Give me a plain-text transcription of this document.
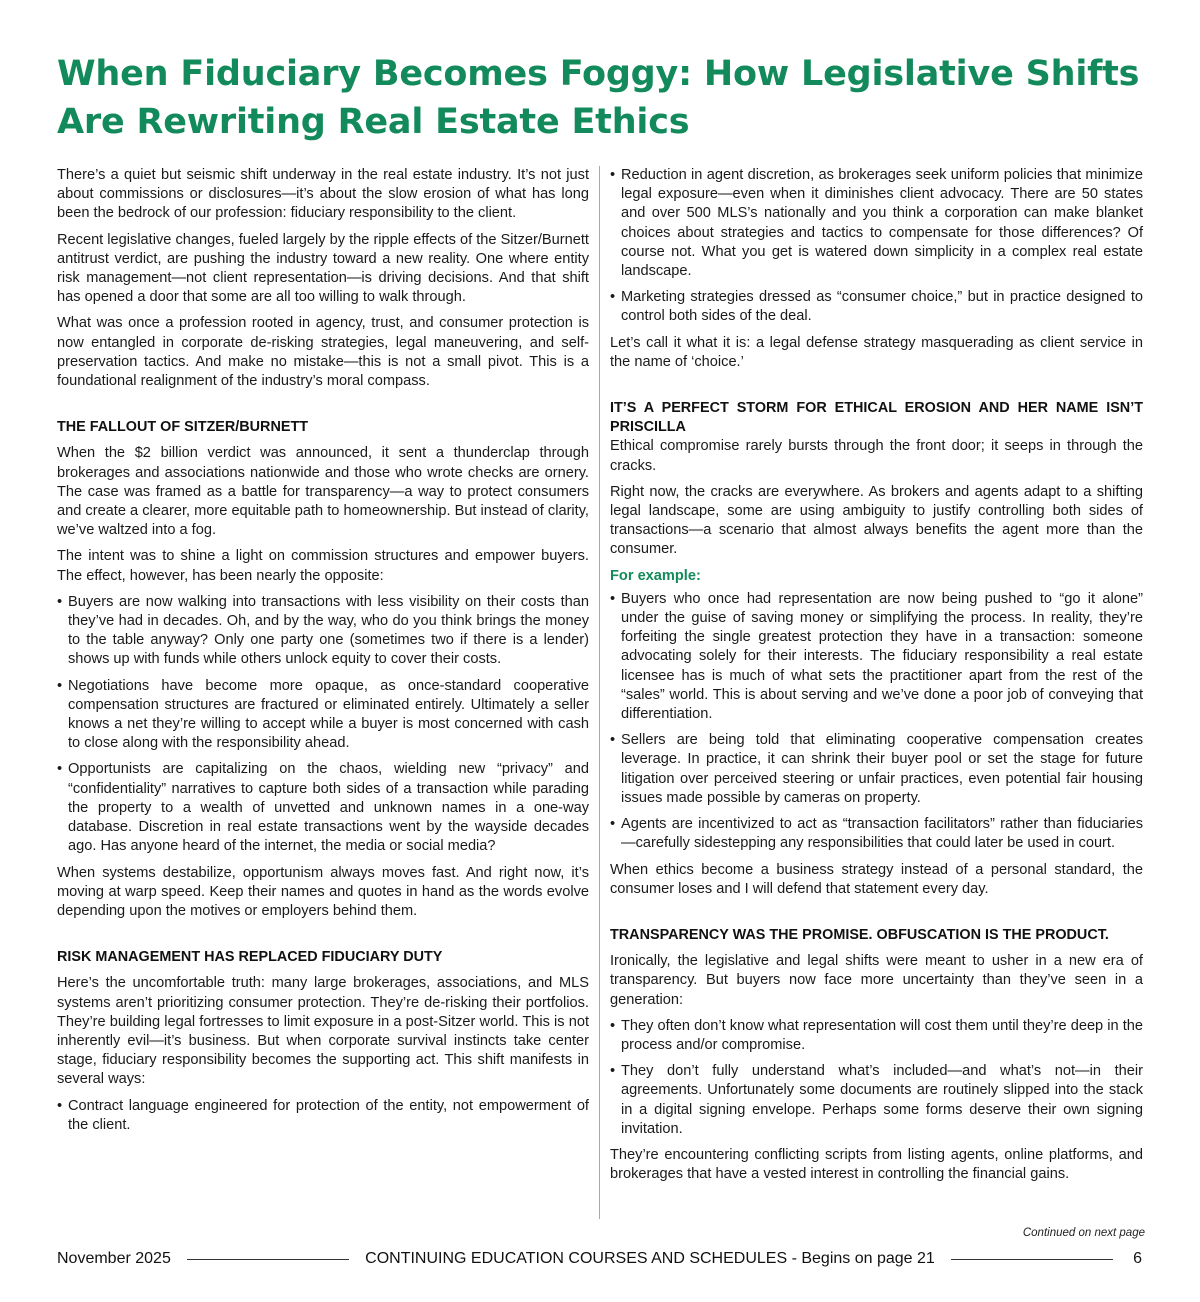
When Fiduciary Becomes Foggy: How Legislative Shifts Are Rewriting Real Estate Ethics

There’s a quiet but seismic shift underway in the real estate industry. It’s not just about commissions or disclosures—it’s about the slow erosion of what has long been the bedrock of our profession: fiduciary responsibility to the client.

Recent legislative changes, fueled largely by the ripple effects of the Sitzer/Burnett antitrust verdict, are pushing the industry toward a new reality. One where entity risk management—not client representation—is driving decisions. And that shift has opened a door that some are all too willing to walk through.

What was once a profession rooted in agency, trust, and consumer protection is now entangled in corporate de-risking strategies, legal maneuvering, and self-preservation tactics. And make no mistake—this is not a small pivot. This is a foundational realignment of the industry’s moral compass.

THE FALLOUT OF SITZER/BURNETT

When the $2 billion verdict was announced, it sent a thunderclap through brokerages and associations nationwide and those who wrote checks are ornery. The case was framed as a battle for transparency—a way to protect consumers and create a clearer, more equitable path to homeownership. But instead of clarity, we’ve waltzed into a fog.

The intent was to shine a light on commission structures and empower buyers. The effect, however, has been nearly the opposite:

• Buyers are now walking into transactions with less visibility on their costs than they’ve had in decades. Oh, and by the way, who do you think brings the money to the table anyway? Only one party one (sometimes two if there is a lender) shows up with funds while others unlock equity to cover their costs.
• Negotiations have become more opaque, as once-standard cooperative compensation structures are fractured or eliminated entirely. Ultimately a seller knows a net they’re willing to accept while a buyer is most concerned with cash to close along with the responsibility ahead.
• Opportunists are capitalizing on the chaos, wielding new “privacy” and “confidentiality” narratives to capture both sides of a transaction while parading the property to a wealth of unvetted and unknown names in a one-way database. Discretion in real estate transactions went by the wayside decades ago. Has anyone heard of the internet, the media or social media?

When systems destabilize, opportunism always moves fast. And right now, it’s moving at warp speed. Keep their names and quotes in hand as the words evolve depending upon the motives or employers behind them.

RISK MANAGEMENT HAS REPLACED FIDUCIARY DUTY

Here’s the uncomfortable truth: many large brokerages, associations, and MLS systems aren’t prioritizing consumer protection. They’re de-risking their portfolios. They’re building legal fortresses to limit exposure in a post-Sitzer world. This is not inherently evil—it’s business. But when corporate survival instincts take center stage, fiduciary responsibility becomes the supporting act. This shift manifests in several ways:

• Contract language engineered for protection of the entity, not empowerment of the client.
• Reduction in agent discretion, as brokerages seek uniform policies that minimize legal exposure—even when it diminishes client advocacy. There are 50 states and over 500 MLS’s nationally and you think a corporation can make blanket choices about strategies and tactics to compensate for those differences? Of course not. What you get is watered down simplicity in a complex real estate landscape.
• Marketing strategies dressed as “consumer choice,” but in practice designed to control both sides of the deal.

Let’s call it what it is: a legal defense strategy masquerading as client service in the name of ‘choice.’

IT’S A PERFECT STORM FOR ETHICAL EROSION AND HER NAME ISN’T PRISCILLA

Ethical compromise rarely bursts through the front door; it seeps in through the cracks.

Right now, the cracks are everywhere. As brokers and agents adapt to a shifting legal landscape, some are using ambiguity to justify controlling both sides of transactions—a scenario that almost always benefits the agent more than the consumer.

For example:

• Buyers who once had representation are now being pushed to “go it alone” under the guise of saving money or simplifying the process. In reality, they’re forfeiting the single greatest protection they have in a transaction: someone advocating solely for their interests. The fiduciary responsibility a real estate licensee has is much of what sets the practitioner apart from the rest of the “sales” world. This is about serving and we’ve done a poor job of conveying that differentiation.
• Sellers are being told that eliminating cooperative compensation creates leverage. In practice, it can shrink their buyer pool or set the stage for future litigation over perceived steering or unfair practices, even potential fair housing issues made possible by cameras on property.
• Agents are incentivized to act as “transaction facilitators” rather than fiduciaries—carefully sidestepping any responsibilities that could later be used in court.

When ethics become a business strategy instead of a personal standard, the consumer loses and I will defend that statement every day.

TRANSPARENCY WAS THE PROMISE. OBFUSCATION IS THE PRODUCT.

Ironically, the legislative and legal shifts were meant to usher in a new era of transparency. But buyers now face more uncertainty than they’ve seen in a generation:

• They often don’t know what representation will cost them until they’re deep in the process and/or compromise.
• They don’t fully understand what’s included—and what’s not—in their agreements. Unfortunately some documents are routinely slipped into the stack in a digital signing envelope. Perhaps some forms deserve their own signing invitation.

They’re encountering conflicting scripts from listing agents, online platforms, and brokerages that have a vested interest in controlling the financial gains.

Continued on next page
November 2025	CONTINUING EDUCATION COURSES AND SCHEDULES - Begins on page 21	6
